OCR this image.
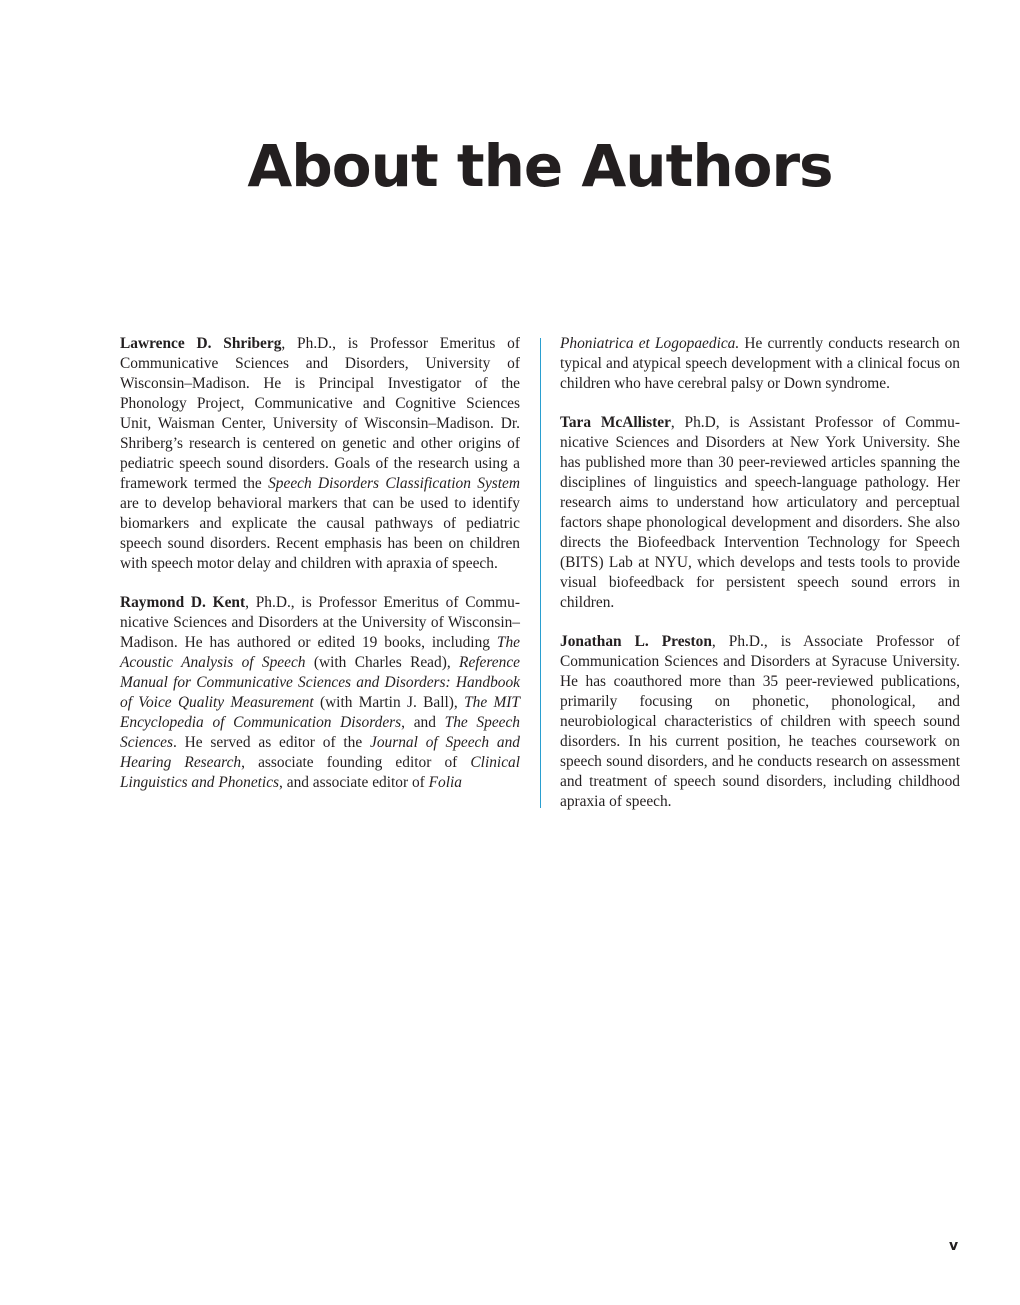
About the Authors

Lawrence D. Shriberg, Ph.D., is Professor Emeritus of Communicative Sciences and Disorders, University of Wisconsin–Madison. He is Principal Investigator of the Phonology Project, Communicative and Cognitive Sciences Unit, Waisman Center, University of Wisconsin–Madison. Dr. Shriberg’s research is centered on genetic and other origins of pediatric speech sound disorders. Goals of the research using a framework termed the Speech Disorders Classification System are to develop behavioral markers that can be used to identify biomarkers and explicate the causal pathways of pediatric speech sound disorders. Recent emphasis has been on children with speech motor delay and children with apraxia of speech.

Raymond D. Kent, Ph.D., is Professor Emeritus of Communicative Sciences and Disorders at the University of Wisconsin–Madison. He has authored or edited 19 books, including The Acoustic Analysis of Speech (with Charles Read), Reference Manual for Communicative Sciences and Disorders: Handbook of Voice Quality Measurement (with Martin J. Ball), The MIT Encyclopedia of Communication Disorders, and The Speech Sciences. He served as editor of the Journal of Speech and Hearing Research, associate founding editor of Clinical Linguistics and Phonetics, and associate editor of Folia

Phoniatrica et Logopaedica. He currently conducts research on typical and atypical speech development with a clinical focus on children who have cerebral palsy or Down syndrome.

Tara McAllister, Ph.D, is Assistant Professor of Communicative Sciences and Disorders at New York University. She has published more than 30 peer-reviewed articles spanning the disciplines of linguistics and speech-language pathology. Her research aims to understand how articulatory and perceptual factors shape phonological development and disorders. She also directs the Biofeedback Intervention Technology for Speech (BITS) Lab at NYU, which develops and tests tools to provide visual biofeedback for persistent speech sound errors in children.

Jonathan L. Preston, Ph.D., is Associate Professor of Communication Sciences and Disorders at Syracuse University. He has coauthored more than 35 peer-reviewed publications, primarily focusing on phonetic, phonological, and neurobiological characteristics of children with speech sound disorders. In his current position, he teaches coursework on speech sound disorders, and he conducts research on assessment and treatment of speech sound disorders, including childhood apraxia of speech.

v
